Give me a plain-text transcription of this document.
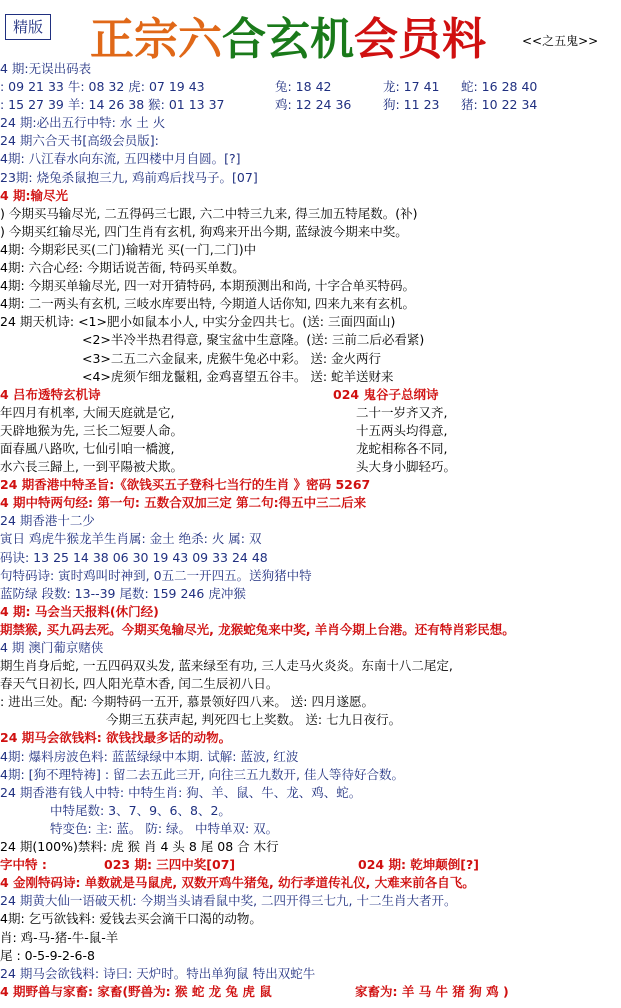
精版 正宗六合玄机会员料	<<之五鬼>>
4 期:无误出码表
: 09 21 33 牛: 08 32 虎: 07 19 43	兔: 18 42	龙: 17 41 蛇: 16 28 40
: 15 27 39 羊: 14 26 38 猴: 01 13 37	鸡: 12 24 36	狗: 11 23 猪: 10 22 34
24 期:必出五行中特: 水 土 火
24 期六合天书[高级会员版]:
4期: 八江春水向东流, 五四楼中月自圆。[?]
23期: 烧兔杀鼠抱三九, 鸡前鸡后找马子。[07]
4 期:输尽光
) 今期买马输尽光, 二五得码三七跟, 六二中特三九来, 得三加五特尾数。(补)
) 今期买红输尽光, 四门生肖有玄机, 狗鸡来开出今期, 蓝绿波今期来中奖。
4期: 今期彩民买(二门)输精光 买(一门,二门)中
4期: 六合心经: 今期话说苦衙, 特码买单数。
4期: 今期买单输尽光, 四一对开猜特码, 本期预测出和尚, 十字合单买特码。
4期: 二一两头有玄机, 三岐水库要出特, 今期道人话你知, 四来九来有玄机。
24 期天机诗: <1>肥小如鼠本小人, 中实分金四共七。(送: 三面四面山)
<2>半冷半热君得意, 聚宝盆中生意隆。(送: 三前二后必看紧)
<3>二五二六金鼠来, 虎猴牛兔必中彩。 送: 金火两行
<4>虎须乍细龙鬣粗, 金鸡喜望五谷丰。 送: 蛇羊送财来
4 吕布透特玄机诗	024 鬼谷子总纲诗
年四月有机率, 大闹天庭就是它,	二十一岁齐又齐,
天辟地猴为先, 三长二短要人命。	十五两头均得意,
面春風八路吹, 七仙引咱一橋渡,	龙蛇相称各不同,
水六長三歸上, 一到平陽被犬欺。	头大身小脚轻巧。
24 期香港中特圣旨:《欲钱买五子登科七当行的生肖 》密码 5267
4 期中特两句经: 第一句: 五数合双加三定 第二句:得五中三二后来
24 期香港十二少
寅日 鸡虎牛猴龙羊生肖属: 金土 绝杀: 火 属: 双
码诀: 13 25 14 38 06 30 19 43 09 33 24 48
句特码诗: 寅时鸡叫时神到, 0五二一开四五。送狗猪中特
蓝防绿 段数: 13--39 尾数: 159 246 虎冲猴
4 期: 马会当天报料(休门经)
期禁猴, 买九码去死。今期买兔输尽光, 龙猴蛇兔来中奖, 羊肖今期上台港。还有特肖彩民想。
4 期 澳门葡京赌侠
期生肖身后蛇, 一五四码双头发, 蓝来绿至有功, 三人走马火炎炎。东南十八二尾定,
春天气日初长, 四人阳光草木香, 闰二生辰初八日。
: 进出三处。配: 今期特码一五开, 慕景领好四八来。 送: 四月遂愿。
今期三五获声起, 判死四七上奖数。 送: 七九日夜行。
24 期马会欲钱料: 欲钱找最多话的动物。
4期: 爆料房波色料: 蓝蓝绿绿中本期. 试解: 蓝波, 红波
4期: [狗不理特祷] : 留二去五此三开, 向往三五九数开, 佳人等待好合数。
24 期香港有钱人中特: 中特生肖: 狗、羊、鼠、牛、龙、鸡、蛇。
中特尾数: 3、7、9、6、8、2。
特变色: 主: 蓝。 防: 绿。 中特单双: 双。
24 期(100%)禁料: 虎 猴 肖 4 头 8 尾 08 合 木行
字中特 :	023 期: 三四中奖[07]	024 期: 乾坤颠倒[?]
4 金刚特码诗: 单数就是马鼠虎, 双数开鸡牛猪兔, 幼行孝道传礼仪, 大难来前各自飞。
24 期黄大仙一语破天机: 今期当头请看鼠中奖, 二四开得三七九, 十二生肖大者开。
4期: 乞丐欲钱料: 爱钱去买会滴干口渴的动物。
肖: 鸡-马-猪-牛-鼠-羊
尾 : 0-5-9-2-6-8
24 期马会欲钱料: 诗曰: 天炉时。特出单狗鼠 特出双蛇牛
4 期野兽与家畜: 家畜(野兽为: 猴 蛇 龙 兔 虎 鼠	家畜为: 羊 马 牛 猪 狗 鸡 )
